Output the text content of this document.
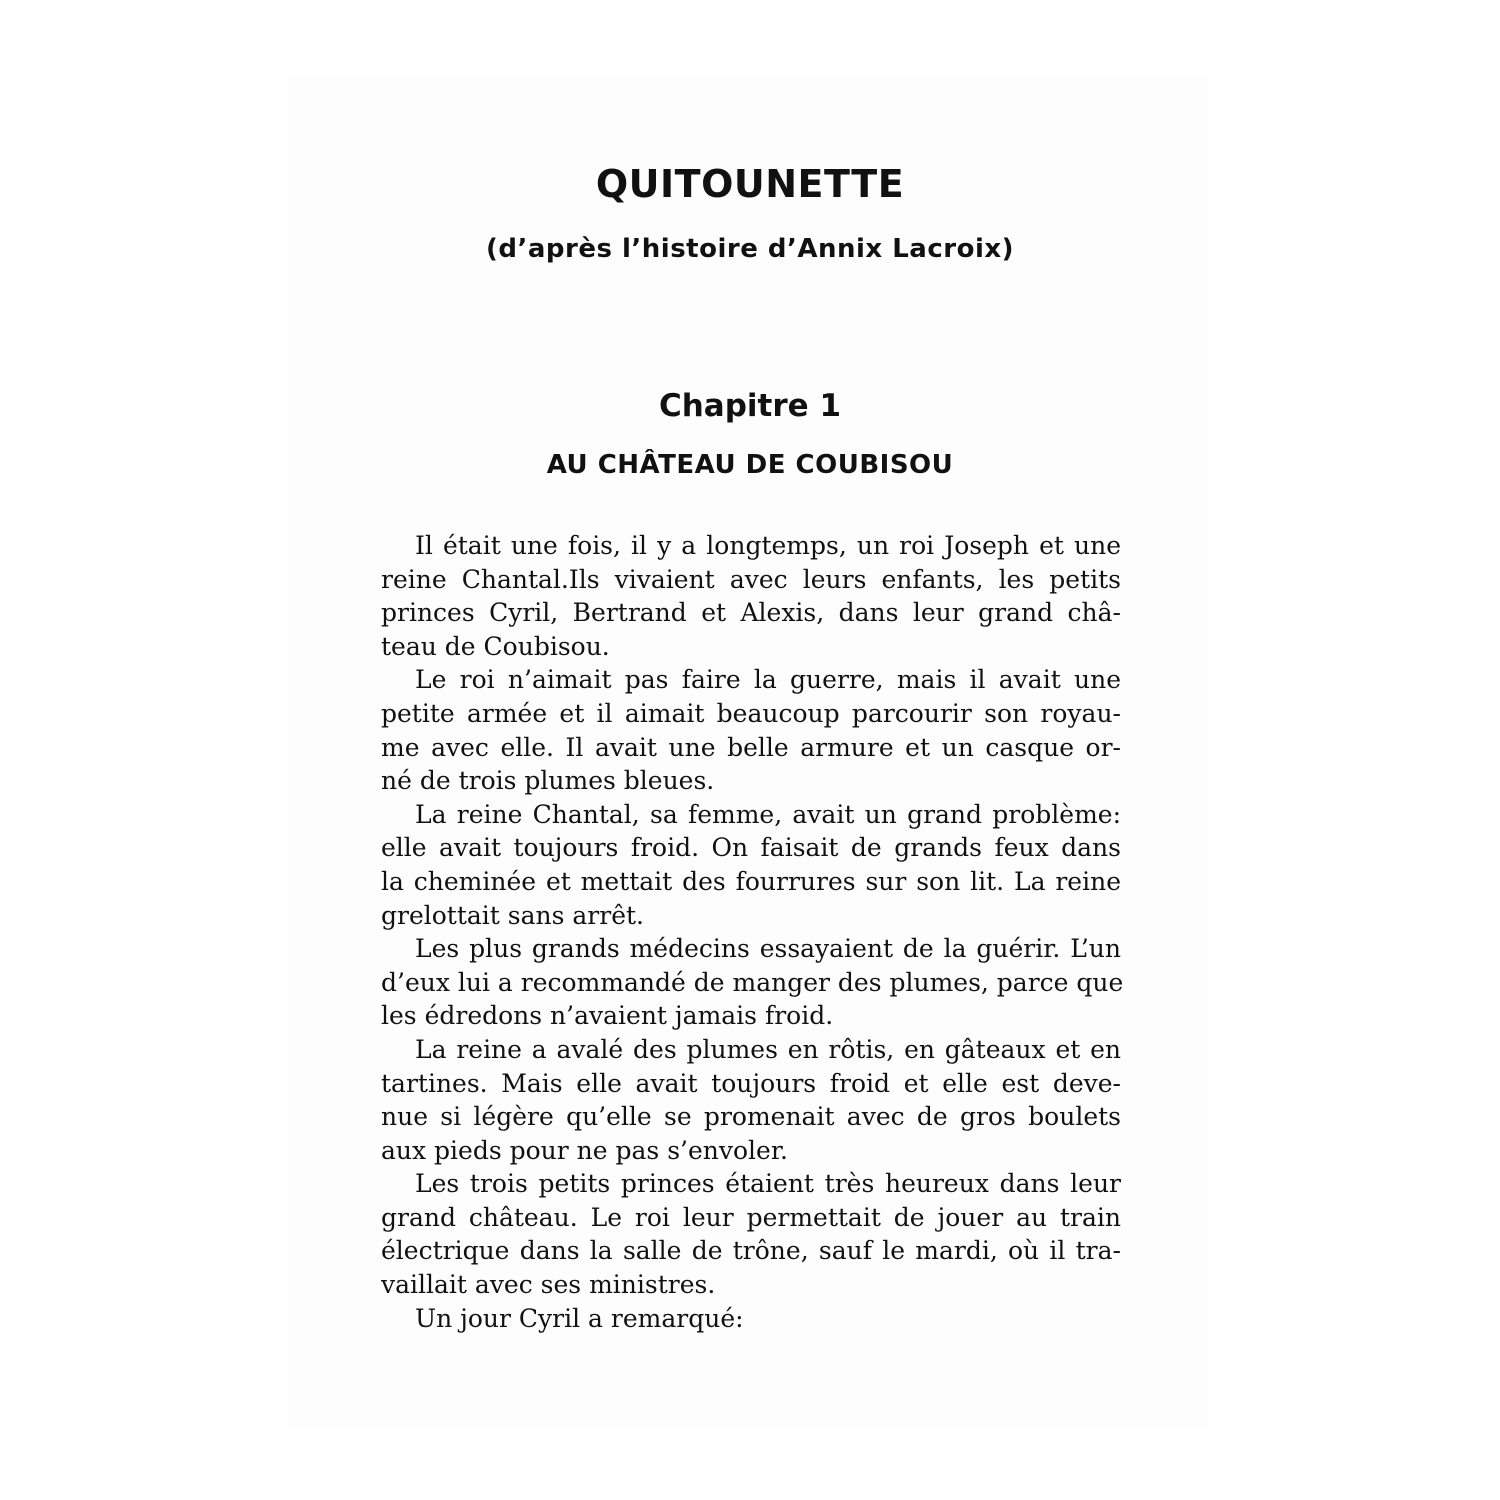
QUITOUNETTE
(d’après l’histoire d’Annix Lacroix)
Chapitre 1
AU CHÂTEAU DE COUBISOU
Il était une fois, il y a longtemps, un roi Joseph et une
reine Chantal.Ils vivaient avec leurs enfants, les petits
princes Cyril, Bertrand et Alexis, dans leur grand châ-
teau de Coubisou.
Le roi n’aimait pas faire la guerre, mais il avait une
petite armée et il aimait beaucoup parcourir son royau-
me avec elle. Il avait une belle armure et un casque or-
né de trois plumes bleues.
La reine Chantal, sa femme, avait un grand problème:
elle avait toujours froid. On faisait de grands feux dans
la cheminée et mettait des fourrures sur son lit. La reine
grelottait sans arrêt.
Les plus grands médecins essayaient de la guérir. L’un
d’eux lui a recommandé de manger des plumes, parce que
les édredons n’avaient jamais froid.
La reine a avalé des plumes en rôtis, en gâteaux et en
tartines. Mais elle avait toujours froid et elle est deve-
nue si légère qu’elle se promenait avec de gros boulets
aux pieds pour ne pas s’envoler.
Les trois petits princes étaient très heureux dans leur
grand château. Le roi leur permettait de jouer au train
électrique dans la salle de trône, sauf le mardi, où il tra-
vaillait avec ses ministres.
Un jour Cyril a remarqué:
